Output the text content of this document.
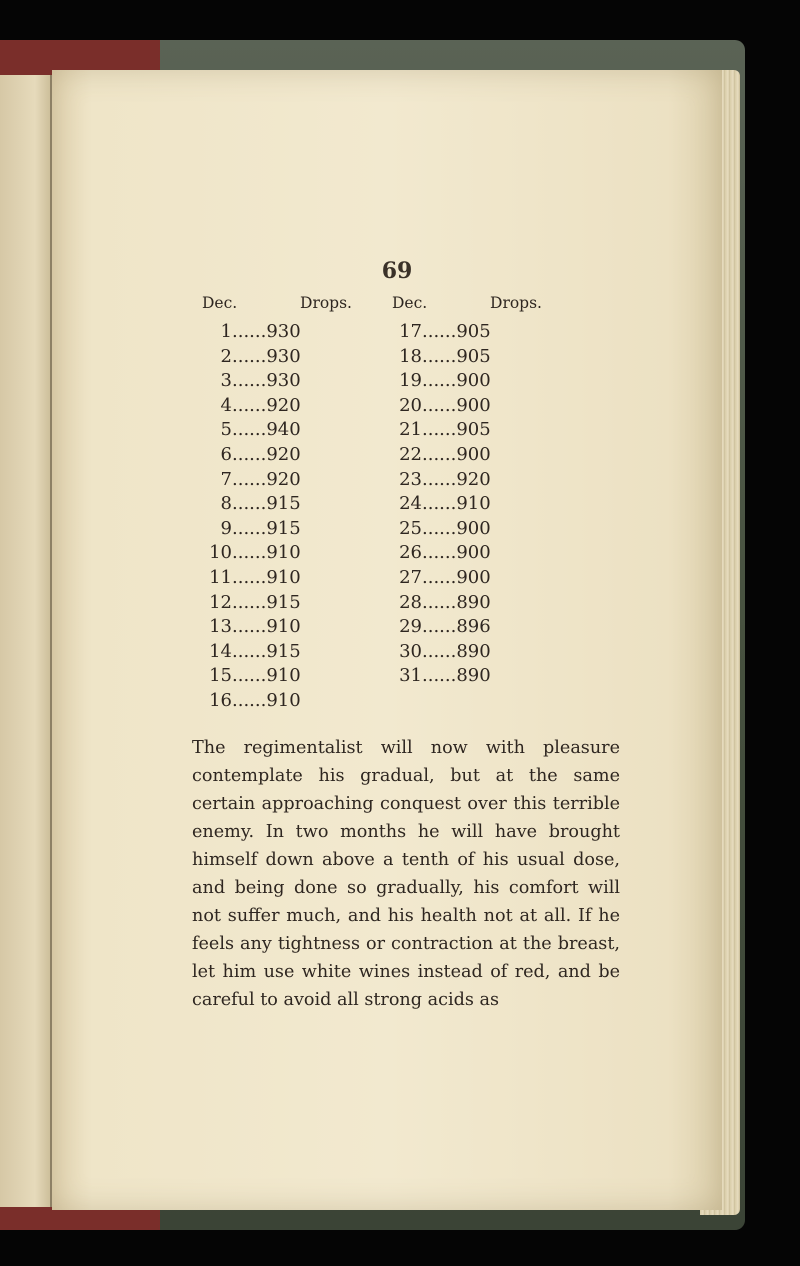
69
Dec.	Drops.
1......930
2......930
3......930
4......920
5......940
6......920
7......920
8......915
9......915
10......910
11......910
12......915
13......910
14......915
15......910
16......910
Dec.	Drops.
17......905
18......905
19......900
20......900
21......905
22......900
23......920
24......910
25......900
26......900
27......900
28......890
29......896
30......890
31......890

The regimentalist will now with pleasure contemplate his gradual, but at the same certain approaching conquest over this terrible enemy. In two months he will have brought himself down above a tenth of his usual dose, and being done so gradually, his comfort will not suffer much, and his health not at all. If he feels any tightness or contraction at the breast, let him use white wines instead of red, and be careful to avoid all strong acids as
